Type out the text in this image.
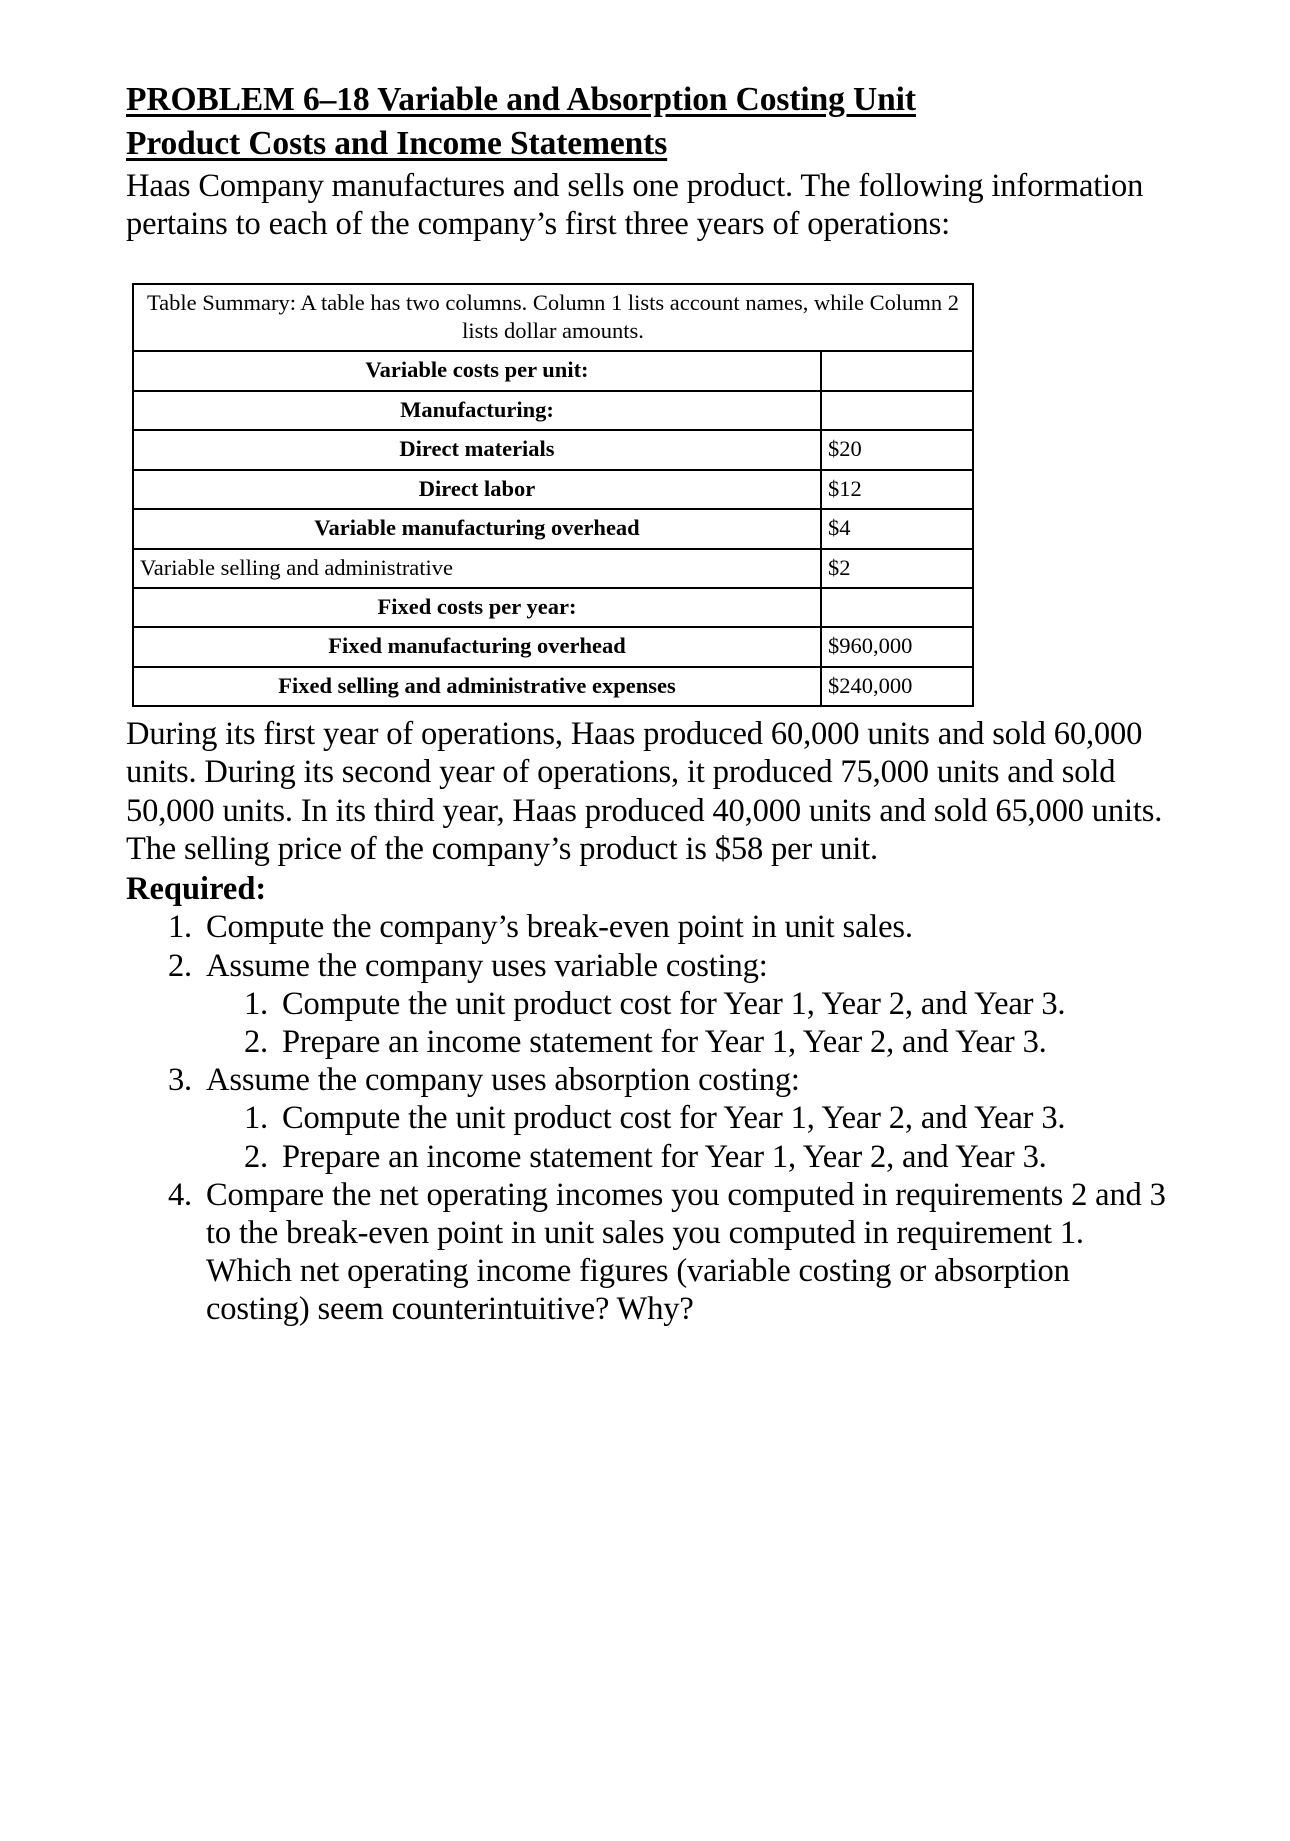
PROBLEM 6–18 Variable and Absorption Costing Unit
Product Costs and Income Statements

Haas Company manufactures and sells one product. The following information pertains to each of the company’s first three years of operations:

Table Summary: A table has two columns. Column 1 lists account names, while Column 2 lists dollar amounts.	
Variable costs per unit:	
Manufacturing:	
Direct materials	$20
Direct labor	$12
Variable manufacturing overhead	$4
Variable selling and administrative	$2
Fixed costs per year:	
Fixed manufacturing overhead	$960,000
Fixed selling and administrative expenses	$240,000

During its first year of operations, Haas produced 60,000 units and sold 60,000 units. During its second year of operations, it produced 75,000 units and sold 50,000 units. In its third year, Haas produced 40,000 units and sold 65,000 units. The selling price of the company’s product is $58 per unit.

Required:

1. Compute the company’s break-even point in unit sales.
2. Assume the company uses variable costing:
1. Compute the unit product cost for Year 1, Year 2, and Year 3.
2. Prepare an income statement for Year 1, Year 2, and Year 3.
3. Assume the company uses absorption costing:
1. Compute the unit product cost for Year 1, Year 2, and Year 3.
2. Prepare an income statement for Year 1, Year 2, and Year 3.
4. Compare the net operating incomes you computed in requirements 2 and 3 to the break-even point in unit sales you computed in requirement 1. Which net operating income figures (variable costing or absorption costing) seem counterintuitive? Why?
